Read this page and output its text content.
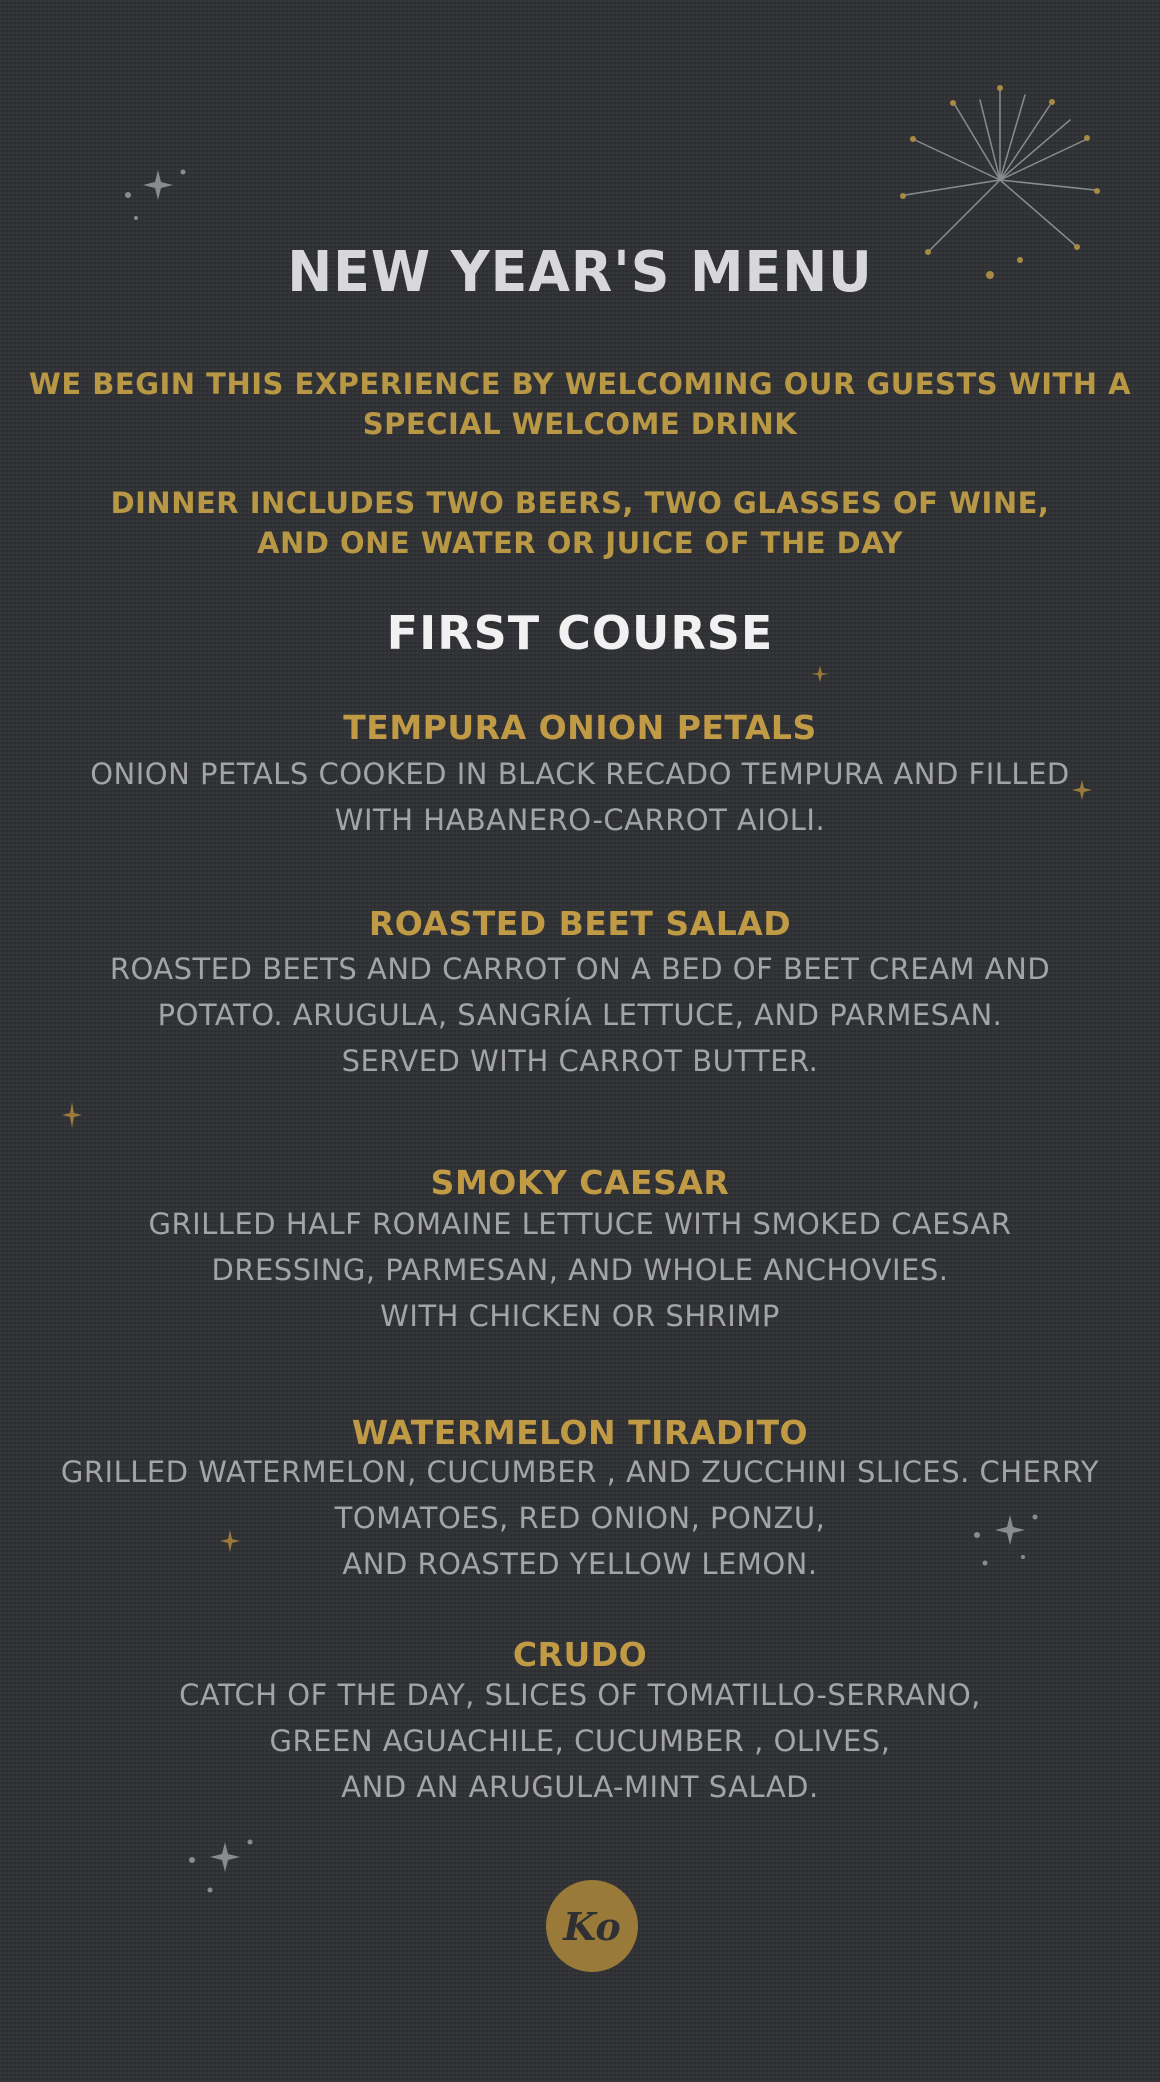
NEW YEAR'S MENU
WE BEGIN THIS EXPERIENCE BY WELCOMING OUR GUESTS WITH A
SPECIAL WELCOME DRINK
DINNER INCLUDES TWO BEERS, TWO GLASSES OF WINE,
AND ONE WATER OR JUICE OF THE DAY
FIRST COURSE
TEMPURA ONION PETALS
ONION PETALS COOKED IN BLACK RECADO TEMPURA AND FILLED
WITH HABANERO-CARROT AIOLI.
ROASTED BEET SALAD
ROASTED BEETS AND CARROT ON A BED OF BEET CREAM AND
POTATO. ARUGULA, SANGRÍA LETTUCE, AND PARMESAN.
SERVED WITH CARROT BUTTER.
SMOKY CAESAR
GRILLED HALF ROMAINE LETTUCE WITH SMOKED CAESAR
DRESSING, PARMESAN, AND WHOLE ANCHOVIES.
WITH CHICKEN OR SHRIMP
WATERMELON TIRADITO
GRILLED WATERMELON, CUCUMBER , AND ZUCCHINI SLICES. CHERRY
TOMATOES, RED ONION, PONZU,
AND ROASTED YELLOW LEMON.
CRUDO
CATCH OF THE DAY, SLICES OF TOMATILLO-SERRANO,
GREEN AGUACHILE, CUCUMBER , OLIVES,
AND AN ARUGULA-MINT SALAD.
Ko
